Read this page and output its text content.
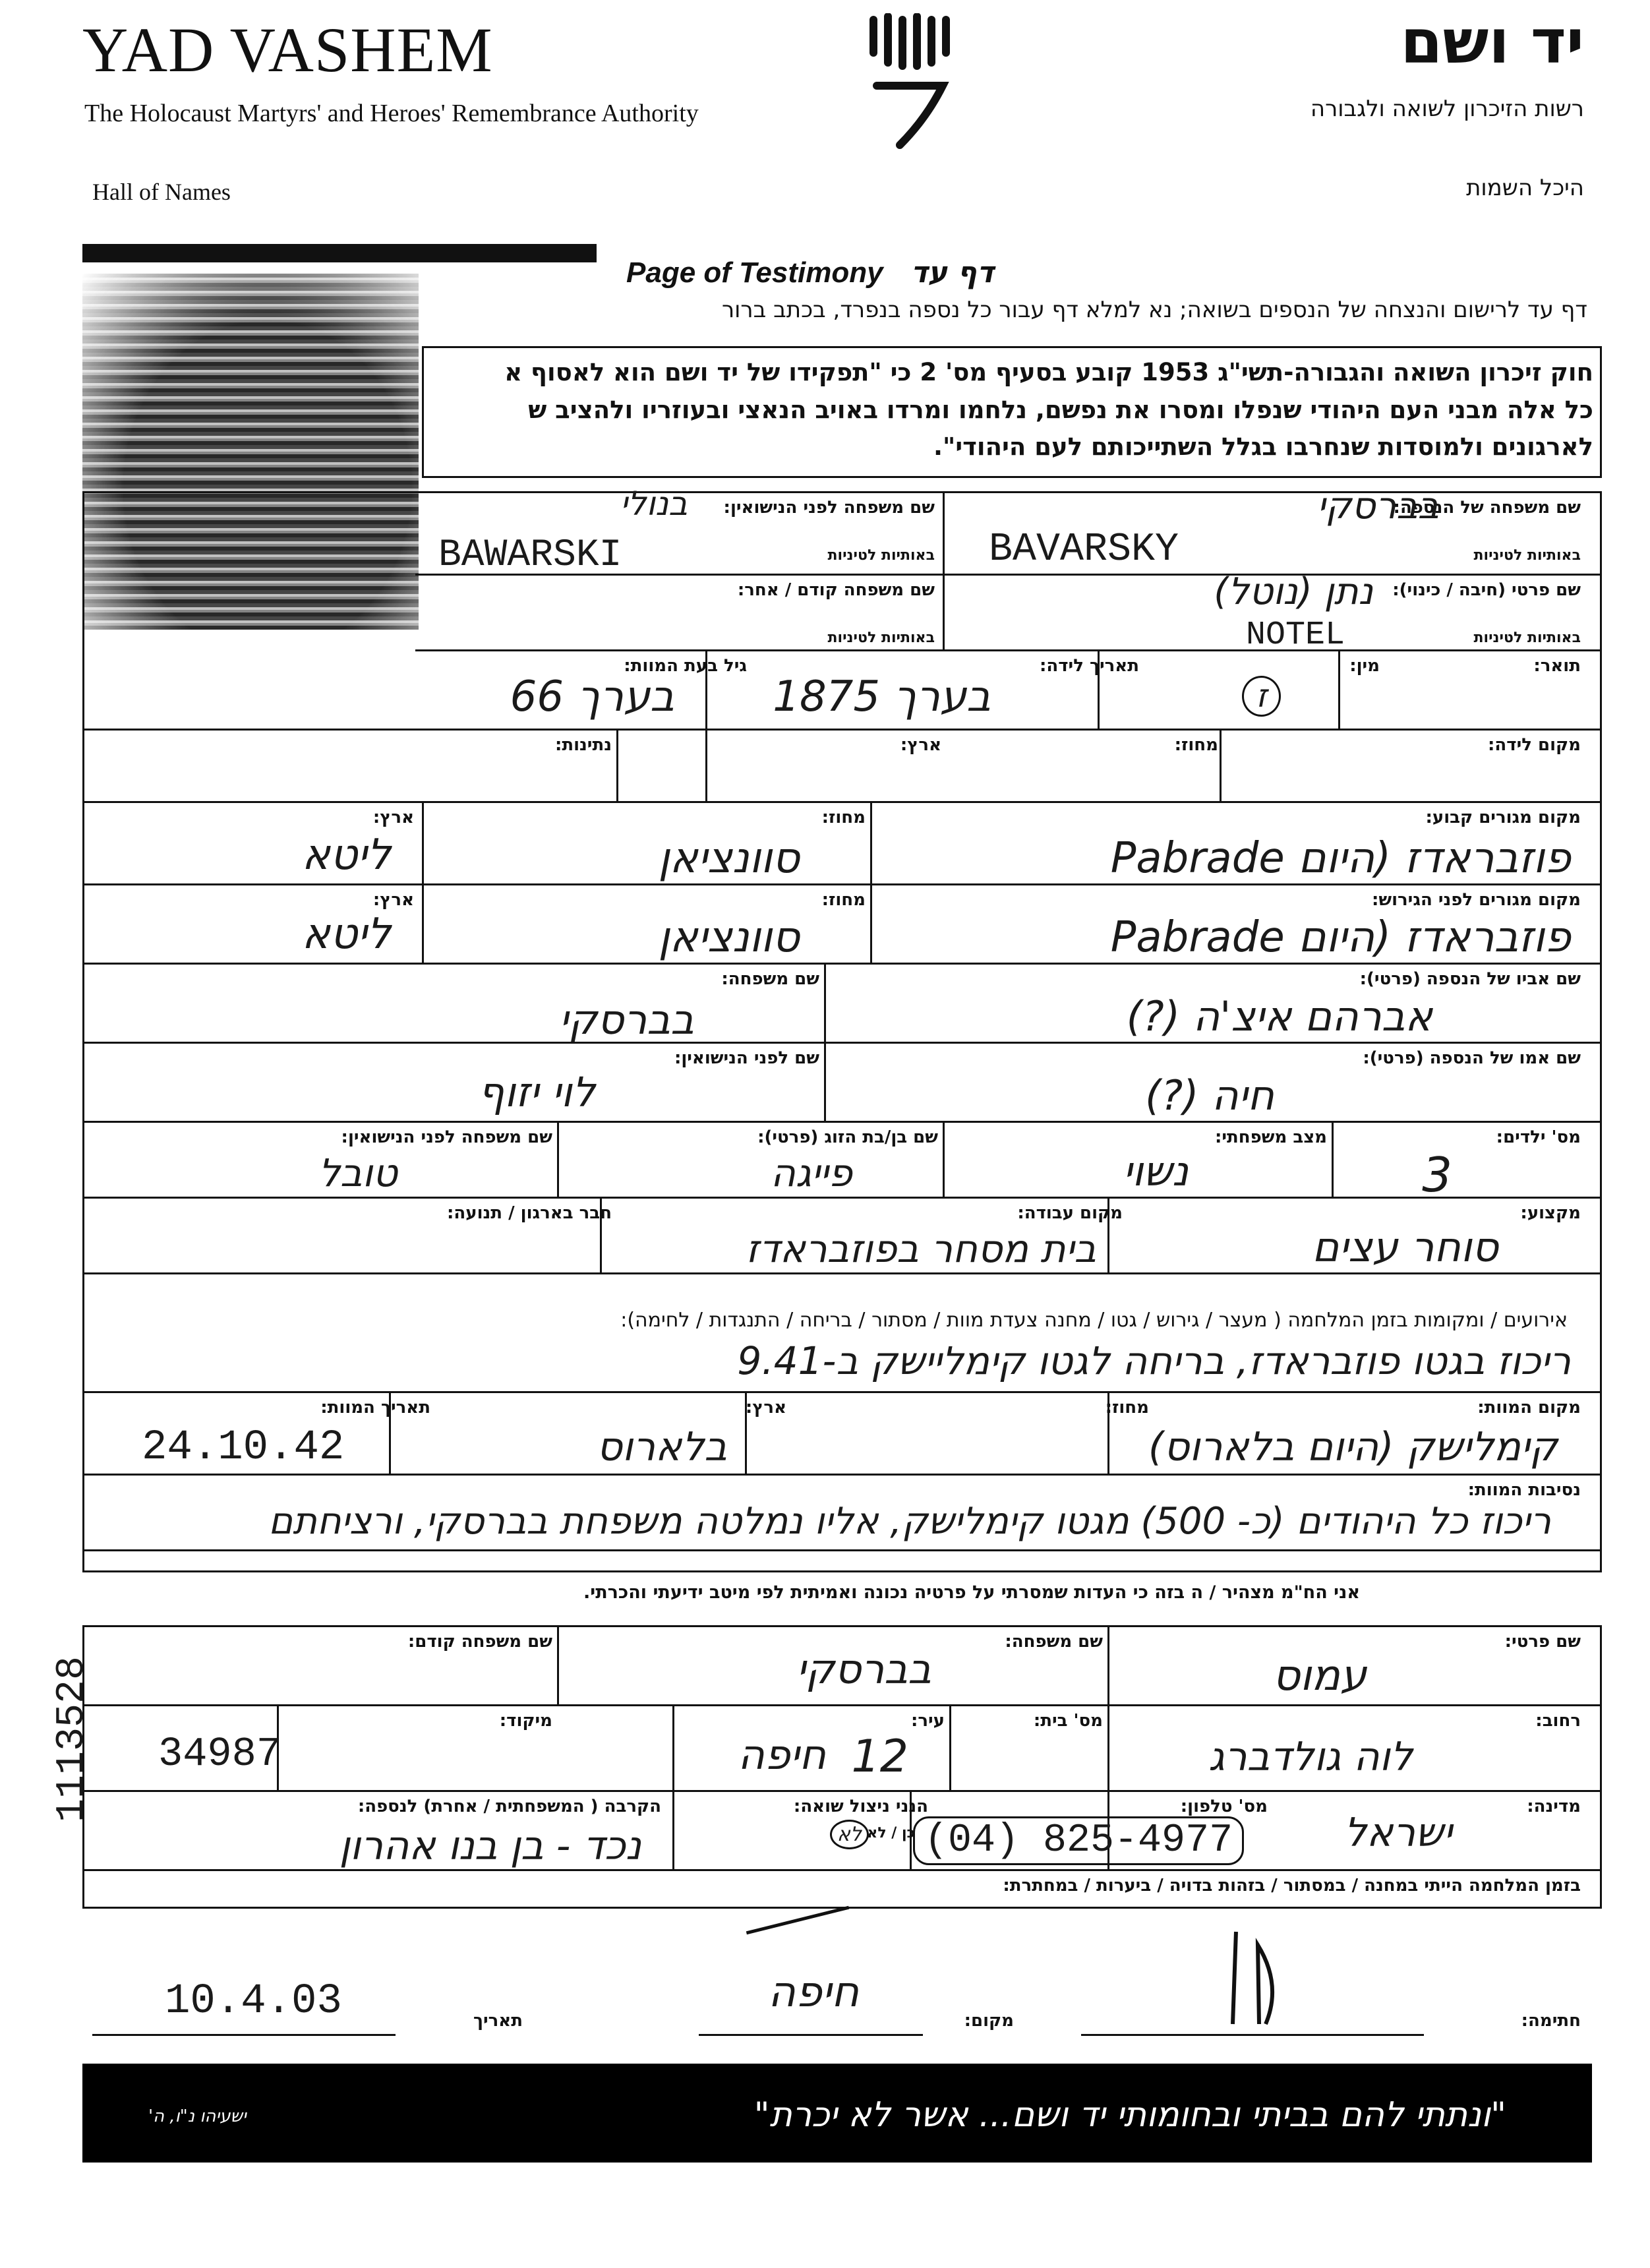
YAD VASHEM
The Holocaust Martyrs' and Heroes' Remembrance Authority
Hall of Names
יד ושם
רשות הזיכרון לשואה ולגבורה
היכל השמות
Page of Testimony דף עד
דף עד לרישום והנצחה של הנספים בשואה; נא למלא דף עבור כל נספה בנפרד, בכתב ברור
חוק זיכרון השואה והגבורה-תשי"ג 1953 קובע בסעיף מס' 2 כי "תפקידו של יד ושם הוא לאסוף א
כל אלה מבני העם היהודי שנפלו ומסרו את נפשם, נלחמו ומרדו באויב הנאצי ובעוזריו ולהציב ש
לארגונים ולמוסדות שנחרבו בגלל השתייכותם לעם היהודי".
שם משפחה של הנספה:
באותיות לטיניות
שם משפחה לפני הנישואין:
באותיות לטיניות
בברסקי
BAVARSKY
בנולי
BAWARSKI
שם פרטי (חיבה / כינוי):
באותיות לטיניות
שם משפחה קודם / אחר:
באותיות לטיניות
נתן (נוטל)
NOTEL
תואר:
מין:
תאריך לידה:
גיל בעת המוות:
ז
בערך 1875
בערך 66
מקום לידה:
מחוז:
ארץ:
נתינות:
מקום מגורים קבוע:
מחוז:
ארץ:
פוזבראדז (היום Pabrade
סוונציאן
ליטא
מקום מגורים לפני הגירוש:
מחוז:
ארץ:
פוזבראדז (היום Pabrade
סוונציאן
ליטא
שם אביו של הנספה (פרטי):
שם משפחה:
אברהם איצ'ה (?)
בברסקי
שם אמו של הנספה (פרטי):
שם לפני הנישואין:
חיה (?)
לוי יזוף
מס' ילדים:
מצב משפחתי:
שם בן/בת הזוג (פרטי):
שם משפחה לפני הנישואין:
3
נשוי
פייגה
טובל
מקצוע:
מקום עבודה:
חבר בארגון / תנועה:
סוחר עצים
בית מסחר בפוזבראדז
אירועים / ומקומות בזמן המלחמה ( מעצר / גירוש / גטו / מחנה צעדת מוות / מסתור / בריחה / התנגדות / לחימה):
ריכוז בגטו פוזבראדז, בריחה לגטו קימליישק ב-9.41
מקום המוות:
מחוז:
ארץ:
תאריך המוות:
קימלישק (היום בלארוס)
בלארוס
24.10.42
נסיבות המוות:
ריכוז כל היהודים (כ- 500) מגטו קימלישק, אליו נמלטה משפחת בברסקי, ורציחתם
אני הח"מ מצהיר / ה בזה כי העדות שמסרתי על פרטיה נכונה ואמיתית לפי מיטב ידיעתי והכרתי.
שם פרטי:
שם משפחה:
שם משפחה קודם:
עמוס
בברסקי
רחוב:
מס' בית:
עיר:
מיקוד:
לוה גולדברג
12
חיפה
34987
מדינה:
מס' טלפון:
הנני ניצול שואה:
כן / לא
הקרבה ( המשפחתית / אחרת) לנספה:
ישראל
(04) 825-4977
לא
נכד - בן בנו אהרון
בזמן המלחמה הייתי במחנה / במסתור / בזהות בדויה / ביערות / במחתרת:
חתימה:
מקום:
חיפה
תאריך
10.4.03
1113528
"ונתתי להם בביתי ובחומותי יד ושם... אשר לא יכרת"
ישעיהו נ"ו, ה'
